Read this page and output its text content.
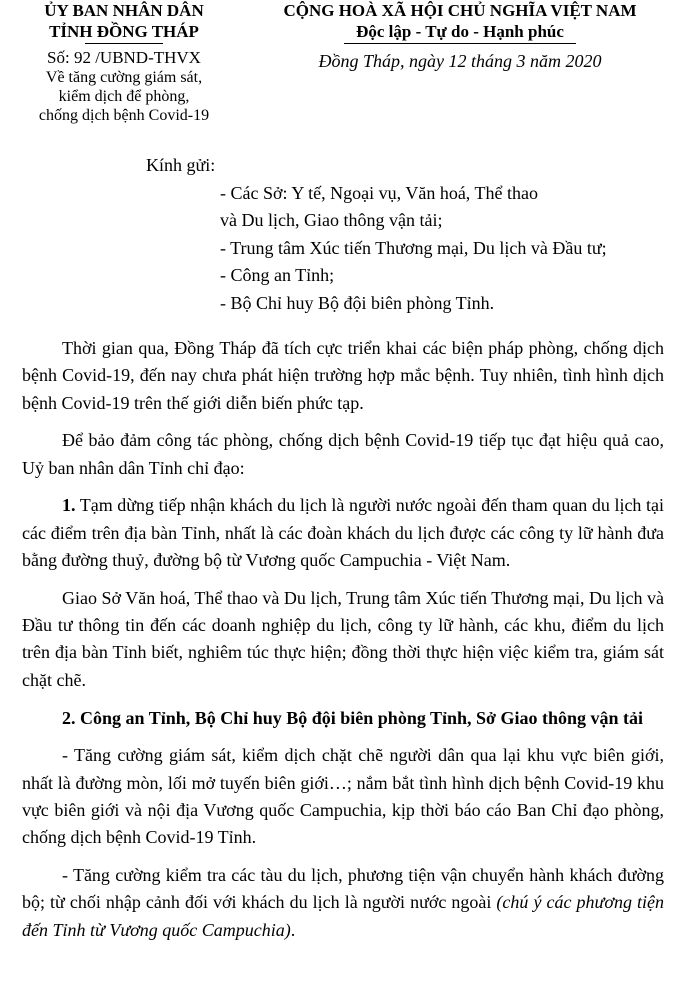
ỦY BAN NHÂN DÂN
TỈNH ĐỒNG THÁP
Số: 92 /UBND-THVX
Về tăng cường giám sát,
kiểm dịch để phòng,
chống dịch bệnh Covid-19
CỘNG HOÀ XÃ HỘI CHỦ NGHĨA VIỆT NAM
Độc lập - Tự do - Hạnh phúc
Đồng Tháp, ngày 12 tháng 3 năm 2020
Kính gửi:
- Các Sở: Y tế, Ngoại vụ, Văn hoá, Thể thao
và Du lịch, Giao thông vận tải;
- Trung tâm Xúc tiến Thương mại, Du lịch và Đầu tư;
- Công an Tỉnh;
- Bộ Chỉ huy Bộ đội biên phòng Tỉnh.

Thời gian qua, Đồng Tháp đã tích cực triển khai các biện pháp phòng, chống dịch bệnh Covid-19, đến nay chưa phát hiện trường hợp mắc bệnh. Tuy nhiên, tình hình dịch bệnh Covid-19 trên thế giới diễn biến phức tạp.

Để bảo đảm công tác phòng, chống dịch bệnh Covid-19 tiếp tục đạt hiệu quả cao, Uỷ ban nhân dân Tỉnh chỉ đạo:

1. Tạm dừng tiếp nhận khách du lịch là người nước ngoài đến tham quan du lịch tại các điểm trên địa bàn Tỉnh, nhất là các đoàn khách du lịch được các công ty lữ hành đưa bằng đường thuỷ, đường bộ từ Vương quốc Campuchia - Việt Nam.

Giao Sở Văn hoá, Thể thao và Du lịch, Trung tâm Xúc tiến Thương mại, Du lịch và Đầu tư thông tin đến các doanh nghiệp du lịch, công ty lữ hành, các khu, điểm du lịch trên địa bàn Tỉnh biết, nghiêm túc thực hiện; đồng thời thực hiện việc kiểm tra, giám sát chặt chẽ.

2. Công an Tỉnh, Bộ Chỉ huy Bộ đội biên phòng Tỉnh, Sở Giao thông vận tải

- Tăng cường giám sát, kiểm dịch chặt chẽ người dân qua lại khu vực biên giới, nhất là đường mòn, lối mở tuyến biên giới…; nắm bắt tình hình dịch bệnh Covid-19 khu vực biên giới và nội địa Vương quốc Campuchia, kịp thời báo cáo Ban Chỉ đạo phòng, chống dịch bệnh Covid-19 Tỉnh.

- Tăng cường kiểm tra các tàu du lịch, phương tiện vận chuyển hành khách đường bộ; từ chối nhập cảnh đối với khách du lịch là người nước ngoài (chú ý các phương tiện đến Tỉnh từ Vương quốc Campuchia).
